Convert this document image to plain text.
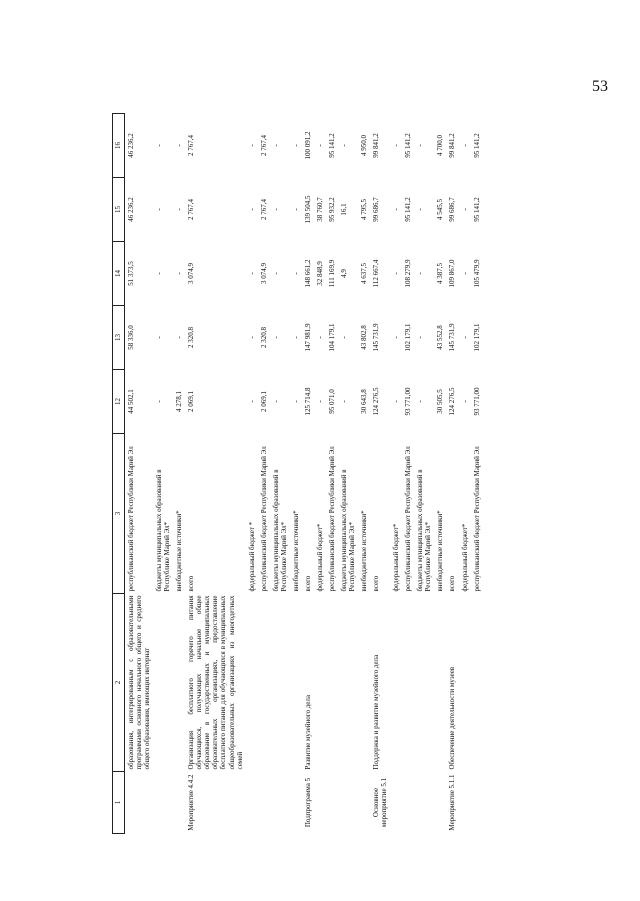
53
1	2	3	12	13	14	15	16
	образования, интегрированным с образовательными программами основного начального общего и среднего общего образования, имеющих интернат	республиканский бюджет Республики Марий Эл	44 502,1	58 336,0	51 373,5	46 236,2	46 236,2
		бюджеты муниципальных образований в Республике Марий Эл*	-	-	-	-	-
		внебюджетные источники*	4 278,1	-	-	-	-
Мероприятие 4.4.2	Организация бесплатного горячего питания обучающихся, получающих начальное общее образование в государственных и муниципальных образовательных организациях, предоставление бесплатного питания для обучающихся в муниципальных общеобразовательных организациях из многодетных семей	всего	2 069,1	2 320,8	3 074,9	2 767,4	2 767,4
		федеральный бюджет *	-	-	-	-	-
		республиканский бюджет Республики Марий Эл	2 069,1	2 320,8	3 074,9	2 767,4	2 767,4
		бюджеты муниципальных образований в Республике Марий Эл*	-	-	-	-	-
		внебюджетные источники*	-	-	-	-	-
Подпрограмма 5	Развитие музейного дела	всего	125 714,8	147 981,9	148 661,2	139 504,5	100 091,2
		федеральный бюджет*	-	-	32 848,9	38 760,7	-
		республиканский бюджет Республики Марий Эл	95 071,0	104 179,1	111 169,9	95 932,2	95 141,2
		бюджеты муниципальных образований в Республике Марий Эл*	-	-	4,9	16,1	-
		внебюджетные источники*	30 643,8	43 802,8	4 637,5	4 795,5	4 950,0
Основное мероприятие 5.1	Поддержка и развитие музейного дела	всего	124 276,5	145 731,9	112 667,4	99 686,7	99 841,2
		федеральный бюджет*	-	-	-	-	-
		республиканский бюджет Республики Марий Эл	93 771,00	102 179,1	108 279,9	95 141,2	95 141,2
		бюджеты муниципальных образований в Республике Марий Эл*	-	-	-	-	-
		внебюджетные источники*	30 505,5	43 552,8	4 387,5	4 545,5	4 700,0
Мероприятие 5.1.1	Обеспечение деятельности музеев	всего	124 276,5	145 731,9	109 867,0	99 686,7	99 841,2
		федеральный бюджет*	-	-	-	-	-
		республиканский бюджет Республики Марий Эл	93 771,00	102 179,1	105 479,9	95 141,2	95 141,2
